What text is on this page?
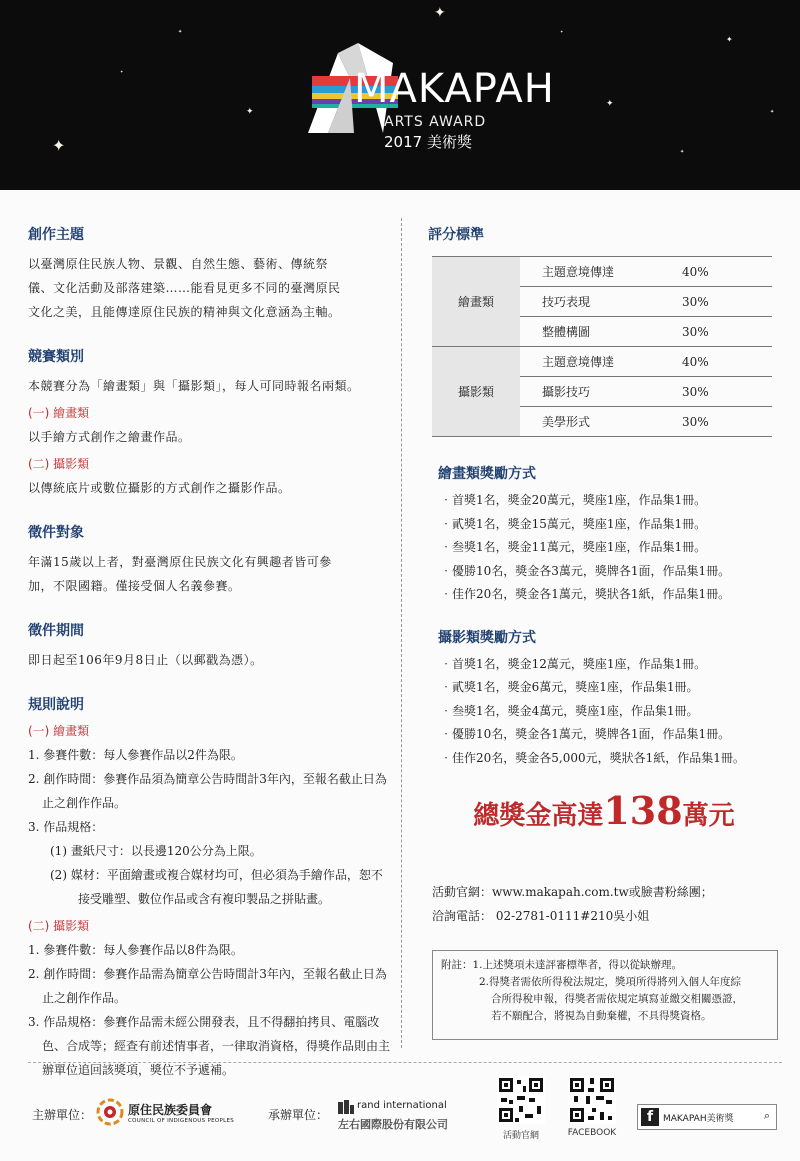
✦
✦
✦
✦
✦
✦
✦
✦
✦
✦
MAKAPAH
ARTS AWARD
2017 美術獎
創作主題

以臺灣原住民族人物、景觀、自然生態、藝術、傳統祭

儀、文化活動及部落建築……能看見更多不同的臺灣原民

文化之美，且能傳達原住民族的精神與文化意涵為主軸。

競賽類別

本競賽分為「繪畫類」與「攝影類」，每人可同時報名兩類。

(一) 繪畫類

以手繪方式創作之繪畫作品。

(二) 攝影類

以傳統底片或數位攝影的方式創作之攝影作品。

徵件對象

年滿15歲以上者，對臺灣原住民族文化有興趣者皆可參

加，不限國籍。僅接受個人名義參賽。

徵件期間

即日起至106年9月8日止（以郵戳為憑）。

規則說明
(一) 繪畫類

1. 參賽件數：每人參賽作品以2件為限。

2. 創作時間：參賽作品須為簡章公告時間計3年內，至報名截止日為止之創作作品。

3. 作品規格：

(1) 畫紙尺寸：以長邊120公分為上限。

(2) 媒材：平面繪畫或複合媒材均可，但必須為手繪作品，恕不接受雕塑、數位作品或含有複印製品之拼貼畫。

(二) 攝影類

1. 參賽件數：每人參賽作品以8件為限。

2. 創作時間：參賽作品需為簡章公告時間計3年內，至報名截止日為止之創作作品。

3. 作品規格：參賽作品需未經公開發表，且不得翻拍拷貝、電腦改色、合成等；經查有前述情事者，一律取消資格，得獎作品則由主辦單位追回該獎項，獎位不予遞補。

評分標準
繪畫類	主題意境傳達	40%
	技巧表現	30%
	整體構圖	30%
攝影類	主題意境傳達	40%
	攝影技巧	30%
	美學形式	30%
繪畫類獎勵方式

‧首獎1名，獎金20萬元，獎座1座，作品集1冊。

‧貳獎1名，獎金15萬元，獎座1座，作品集1冊。

‧叁獎1名，獎金11萬元，獎座1座，作品集1冊。

‧優勝10名，獎金各3萬元，獎牌各1面，作品集1冊。

‧佳作20名，獎金各1萬元，獎狀各1紙，作品集1冊。

攝影類獎勵方式

‧首獎1名，獎金12萬元，獎座1座，作品集1冊。

‧貳獎1名，獎金6萬元，獎座1座，作品集1冊。

‧叁獎1名，獎金4萬元，獎座1座，作品集1冊。

‧優勝10名，獎金各1萬元，獎牌各1面，作品集1冊。

‧佳作20名，獎金各5,000元，獎狀各1紙，作品集1冊。

總獎金高達138萬元
活動官網：www.makapah.com.tw或臉書粉絲團；
洽詢電話： 02-2781-0111#210吳小姐

附註：1.上述獎項未達評審標準者，得以從缺辦理。

2.得獎者需依所得稅法規定，獎項所得將列入個人年度綜

合所得稅申報，得獎者需依規定填寫並繳交相關憑證，

若不願配合，將視為自動棄權，不具得獎資格。

主辦單位：	原住民族委員會
COUNCIL OF INDIGENOUS PEOPLES	承辦單位：
rand international
左右國際股份有限公司
活動官網	FACEBOOK
f	MAKAPAH美術獎	⌕
